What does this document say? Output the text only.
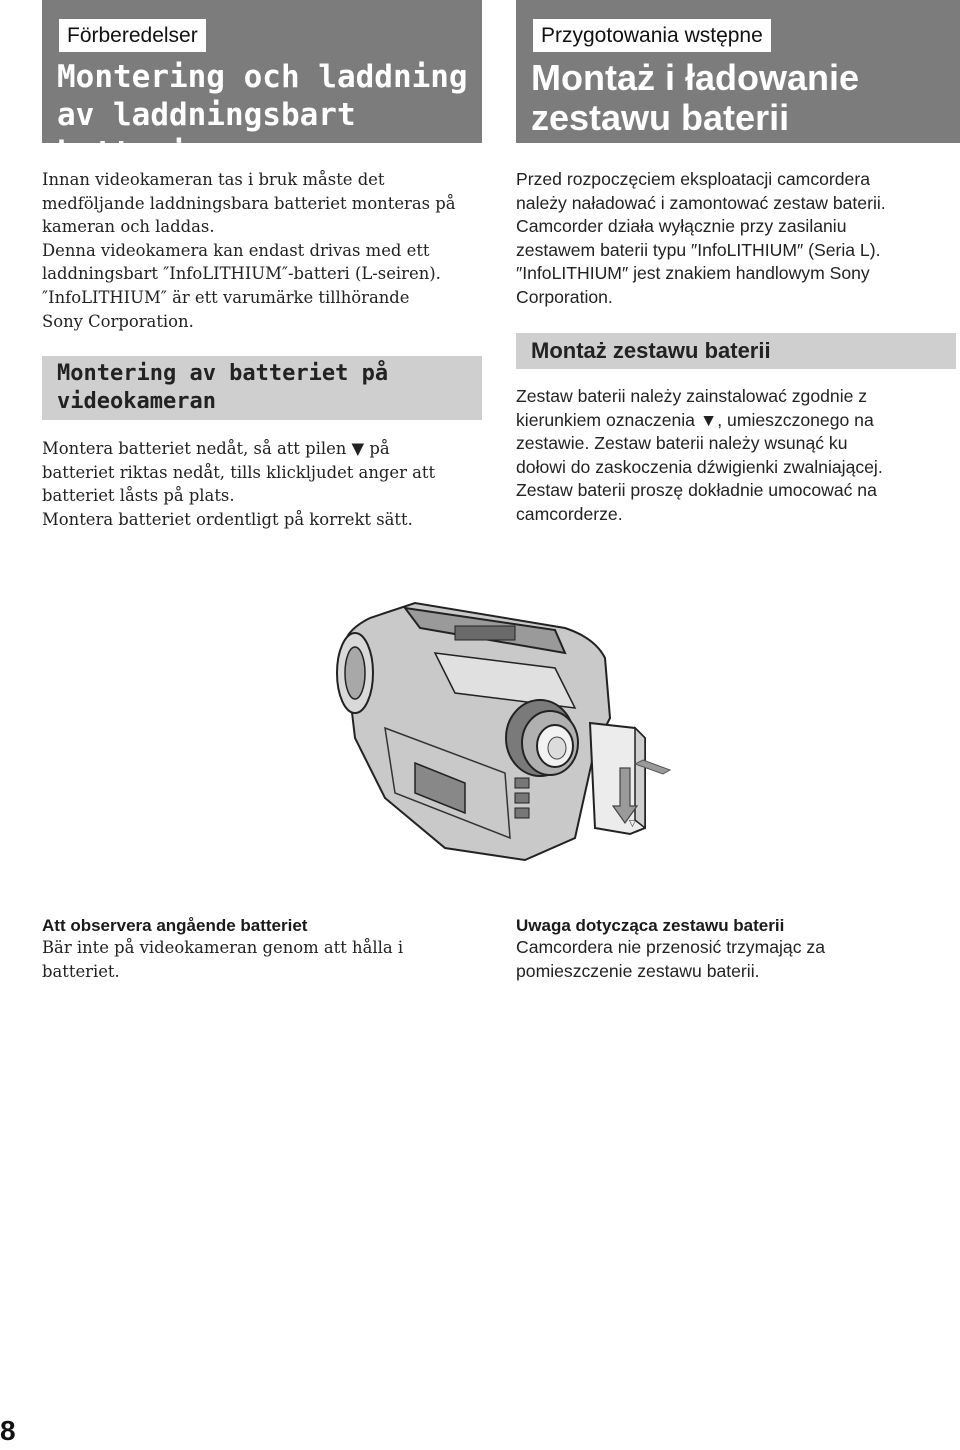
Förberedelser
Montering och laddning
av laddningsbart batteri
Przygotowania wstępne
Montaż i ładowanie
zestawu baterii

Innan videokameran tas i bruk måste det
medföljande laddningsbara batteriet monteras på
kameran och laddas.
Denna videokamera kan endast drivas med ett
laddningsbart ″InfoLITHIUM″-batteri (L-seiren).
″InfoLITHIUM″ är ett varumärke tillhörande
Sony Corporation.

Przed rozpoczęciem eksploatacji camcordera
należy naładować i zamontować zestaw baterii.
Camcorder działa wyłącznie przy zasilaniu
zestawem baterii typu ″InfoLITHIUM″ (Seria L).
″InfoLITHIUM″ jest znakiem handlowym Sony
Corporation.

Montering av batteriet på
videokameran
Montaż zestawu baterii

Montera batteriet nedåt, så att pilen ▼ på
batteriet riktas nedåt, tills klickljudet anger att
batteriet låsts på plats.
Montera batteriet ordentligt på korrekt sätt.

Zestaw baterii należy zainstalować zgodnie z
kierunkiem oznaczenia ▼, umieszczonego na
zestawie. Zestaw baterii należy wsunąć ku
dołowi do zaskoczenia dźwigienki zwalniającej.
Zestaw baterii proszę dokładnie umocować na
camcorderze.

▽
Att observera angående batteriet

Bär inte på videokameran genom att hålla i
batteriet.

Uwaga dotycząca zestawu baterii

Camcordera nie przenosić trzymając za
pomieszczenie zestawu baterii.

8
